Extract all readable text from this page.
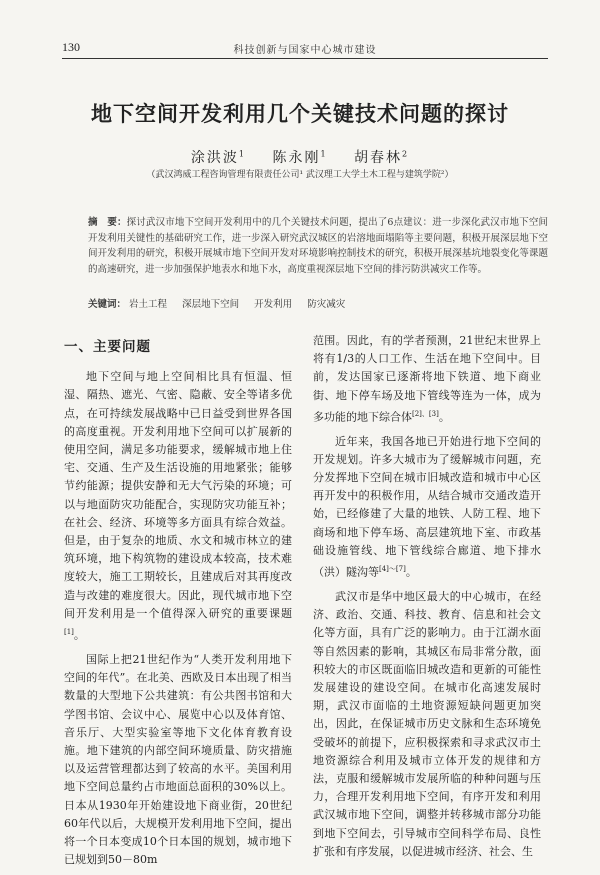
130	科技创新与国家中心城市建设
地下空间开发利用几个关键技术问题的探讨
涂洪波$^1$ 陈永刚$^1$ 胡春林$^2$
（武汉鸿威工程咨询管理有限责任公司¹ 武汉理工大学土木工程与建筑学院²）
摘　要：探讨武汉市地下空间开发利用中的几个关键技术问题，提出了6点建议：进一步深化武汉市地下空间开发利用关键性的基础研究工作，进一步深入研究武汉城区的岩溶地面塌陷等主要问题，积极开展深层地下空间开发利用的研究，积极开展城市地下空间开发对环境影响控制技术的研究，积极开展深基坑地裂变化等课题的高速研究，进一步加强保护地表水和地下水，高度重视深层地下空间的排污防洪减灾工作等。
关键词： 岩土工程 深层地下空间 开发利用 防灾减灾
一、主要问题

地下空间与地上空间相比具有恒温、恒湿、隔热、遮光、气密、隐蔽、安全等诸多优点，在可持续发展战略中已日益受到世界各国的高度重视。开发利用地下空间可以扩展新的使用空间，满足多功能要求，缓解城市地上住宅、交通、生产及生活设施的用地紧张；能够节约能源；提供安静和无大气污染的环境；可以与地面防灾功能配合，实现防灾功能互补；在社会、经济、环境等多方面具有综合效益。但是，由于复杂的地质、水文和城市林立的建筑环境，地下构筑物的建设成本较高，技术难度较大，施工工期较长，且建成后对其再度改造与改建的难度很大。因此，现代城市地下空间开发利用是一个值得深入研究的重要课题[1]。

国际上把21世纪作为“人类开发利用地下空间的年代”。在北美、西欧及日本出现了相当数量的大型地下公共建筑：有公共图书馆和大学图书馆、会议中心、展览中心以及体育馆、音乐厅、大型实验室等地下文化体育教育设施。地下建筑的内部空间环境质量、防灾措施以及运营管理都达到了较高的水平。美国利用地下空间总量约占市地面总面积的30%以上。日本从1930年开始建设地下商业街，20世纪60年代以后，大规模开发利用地下空间，提出将一个日本变成10个日本国的规划，城市地下已规划到50－80m

范围。因此，有的学者预测，21世纪末世界上将有1/3的人口工作、生活在地下空间中。目前，发达国家已逐渐将地下铁道、地下商业街、地下停车场及地下管线等连为一体，成为多功能的地下综合体[2]、[3]。

近年来，我国各地已开始进行地下空间的开发规划。许多大城市为了缓解城市问题，充分发挥地下空间在城市旧城改造和城市中心区再开发中的积极作用，从结合城市交通改造开始，已经修建了大量的地铁、人防工程、地下商场和地下停车场、高层建筑地下室、市政基础设施管线、地下管线综合廊道、地下排水（洪）隧沟等[4]～[7]。

武汉市是华中地区最大的中心城市，在经济、政治、交通、科技、教育、信息和社会文化等方面，具有广泛的影响力。由于江湖水面等自然因素的影响，其城区布局非常分散，面积较大的市区既面临旧城改造和更新的可能性发展建设的建设空间。在城市化高速发展时期，武汉市面临的土地资源短缺问题更加突出，因此，在保证城市历史文脉和生态环境免受破坏的前提下，应积极探索和寻求武汉市土地资源综合利用及城市立体开发的规律和方法，克服和缓解城市发展所临的种种问题与压力，合理开发利用地下空间，有序开发和利用武汉城市地下空间，调整并转移城市部分功能到地下空间去，引导城市空间科学布局、良性扩张和有序发展，以促进城市经济、社会、生
